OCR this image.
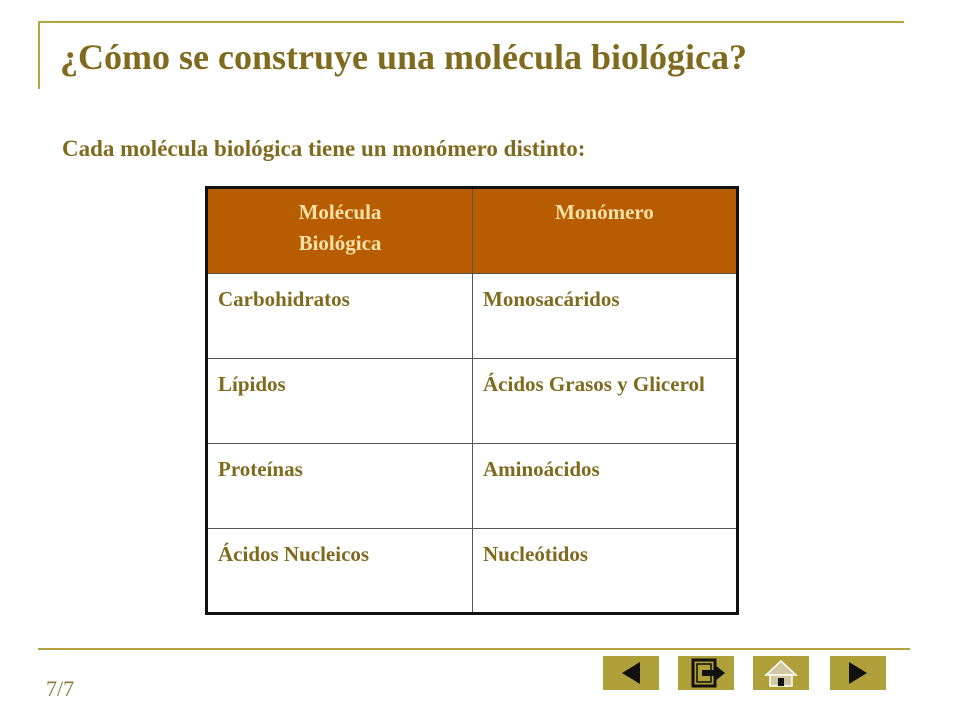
¿Cómo se construye una molécula biológica?

Cada molécula biológica tiene un monómero distinto:

Molécula
Biológica	Monómero
Carbohidratos	Monosacáridos
Lípidos	Ácidos Grasos y Glicerol
Proteínas	Aminoácidos
Ácidos Nucleicos	Nucleótidos
7/7
